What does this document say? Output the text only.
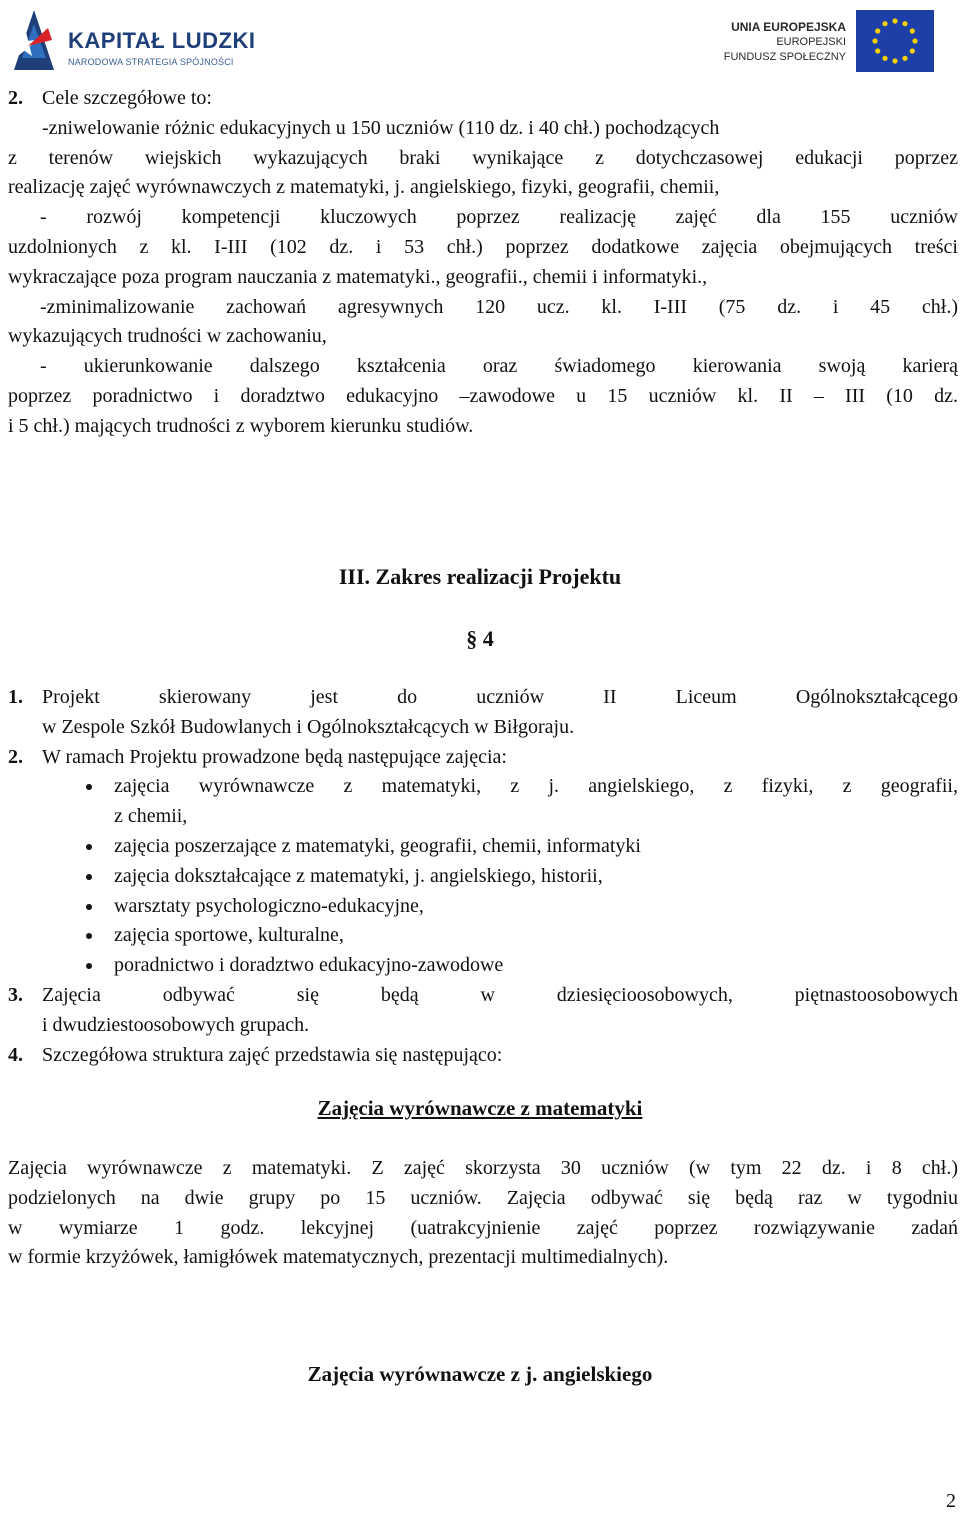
KAPITAŁ LUDZKI
NARODOWA STRATEGIA SPÓJNOŚCI
UNIA EUROPEJSKA
EUROPEJSKI
FUNDUSZ SPOŁECZNY
2. Cele szczegółowe to:
-zniwelowanie różnic edukacyjnych u 150 uczniów (110 dz. i 40 chł.) pochodzących
z terenów wiejskich wykazujących braki wynikające z dotychczasowej edukacji poprzez
realizację zajęć wyrównawczych z matematyki, j. angielskiego, fizyki, geografii, chemii,
- rozwój kompetencji kluczowych poprzez realizację zajęć dla 155 uczniów
uzdolnionych z kl. I-III (102 dz. i 53 chł.) poprzez dodatkowe zajęcia obejmujących treści
wykraczające poza program nauczania z matematyki., geografii., chemii i informatyki.,
-zminimalizowanie zachowań agresywnych 120 ucz. kl. I-III (75 dz. i 45 chł.)
wykazujących trudności w zachowaniu,
- ukierunkowanie dalszego kształcenia oraz świadomego kierowania swoją karierą
poprzez poradnictwo i doradztwo edukacyjno –zawodowe u 15 uczniów kl. II – III (10 dz.
i 5 chł.) mających trudności z wyborem kierunku studiów.
III. Zakres realizacji Projektu
§ 4
1. Projekt skierowany jest do uczniów II Liceum Ogólnokształcącego
w Zespole Szkół Budowlanych i Ogólnokształcących w Biłgoraju.
2. W ramach Projektu prowadzone będą następujące zajęcia:
zajęcia wyrównawcze z matematyki, z j. angielskiego, z fizyki, z geografii,
z chemii,
zajęcia poszerzające z matematyki, geografii, chemii, informatyki
zajęcia dokształcające z matematyki, j. angielskiego, historii,
warsztaty psychologiczno-edukacyjne,
zajęcia sportowe, kulturalne,
poradnictwo i doradztwo edukacyjno-zawodowe
3. Zajęcia odbywać się będą w dziesięcioosobowych, piętnastoosobowych
i dwudziestoosobowych grupach.
4. Szczegółowa struktura zajęć przedstawia się następująco:
Zajęcia wyrównawcze z matematyki
Zajęcia wyrównawcze z matematyki. Z zajęć skorzysta 30 uczniów (w tym 22 dz. i 8 chł.)
podzielonych na dwie grupy po 15 uczniów. Zajęcia odbywać się będą raz w tygodniu
w wymiarze 1 godz. lekcyjnej (uatrakcyjnienie zajęć poprzez rozwiązywanie zadań
w formie krzyżówek, łamigłówek matematycznych, prezentacji multimedialnych).
Zajęcia wyrównawcze z j. angielskiego
2
